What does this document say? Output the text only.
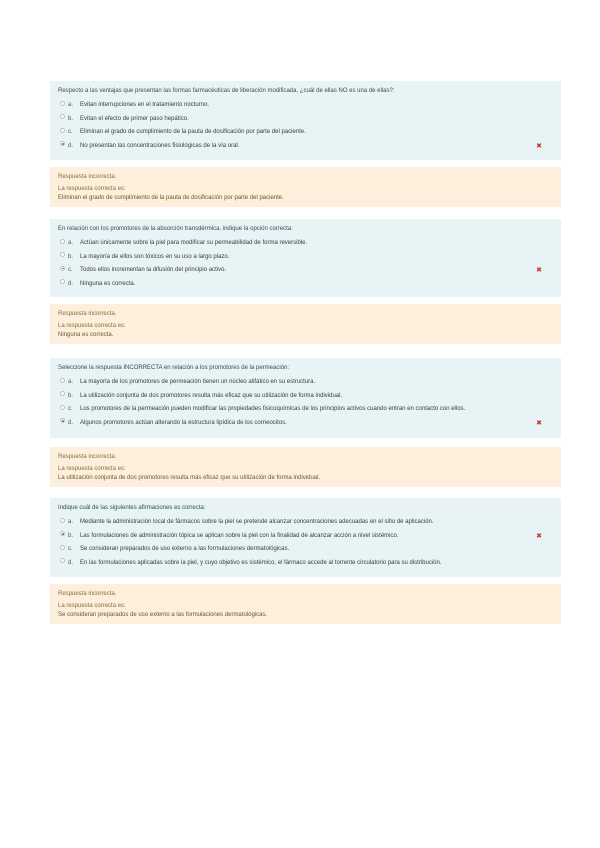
Respecto a las ventajas que presentan las formas farmacéuticas de liberación modificada, ¿cuál de ellas NO es una de ellas?:
a. Evitan interrupciones en el tratamiento nocturno.
b. Evitan el efecto de primer paso hepático.
c. Eliminan el grado de cumplimiento de la pauta de dosificación por parte del paciente.
d. No presentan las concentraciones fisiológicas de la vía oral.	✖
Respuesta incorrecta.
La respuesta correcta es:
Eliminan el grado de cumplimiento de la pauta de dosificación por parte del paciente.
En relación con los promotores de la absorción transdérmica, indique la opción correcta:
a. Actúan únicamente sobre la piel para modificar su permeabilidad de forma reversible.
b. La mayoría de ellos son tóxicos en su uso a largo plazo.
c. Todos ellos incrementan la difusión del principio activo.	✖
d. Ninguna es correcta.
Respuesta incorrecta.
La respuesta correcta es:
Ninguna es correcta.
Seleccione la respuesta INCORRECTA en relación a los promotores de la permeación:
a. La mayoría de los promotores de permeación tienen un núcleo alifático en su estructura.
b. La utilización conjunta de dos promotores resulta más eficaz que su utilización de forma individual.
c. Los promotores de la permeación pueden modificar las propiedades fisicoquímicas de los principios activos cuando entran en contacto con ellos.
d. Algunos promotores actúan alterando la estructura lipídica de los corneocitos.	✖
Respuesta incorrecta.
La respuesta correcta es:
La utilización conjunta de dos promotores resulta más eficaz que su utilización de forma individual.
Indique cuál de las siguientes afirmaciones es correcta:
a. Mediante la administración local de fármacos sobre la piel se pretende alcanzar concentraciones adecuadas en el sitio de aplicación.
b. Las formulaciones de administración tópica se aplican sobre la piel con la finalidad de alcanzar acción a nivel sistémico.	✖
c. Se consideran preparados de uso externo a las formulaciones dermatológicas.
d. En las formulaciones aplicadas sobre la piel, y cuyo objetivo es sistémico, el fármaco accede al torrente circulatorio para su distribución.
Respuesta incorrecta.
La respuesta correcta es:
Se consideran preparados de uso externo a las formulaciones dermatológicas.
